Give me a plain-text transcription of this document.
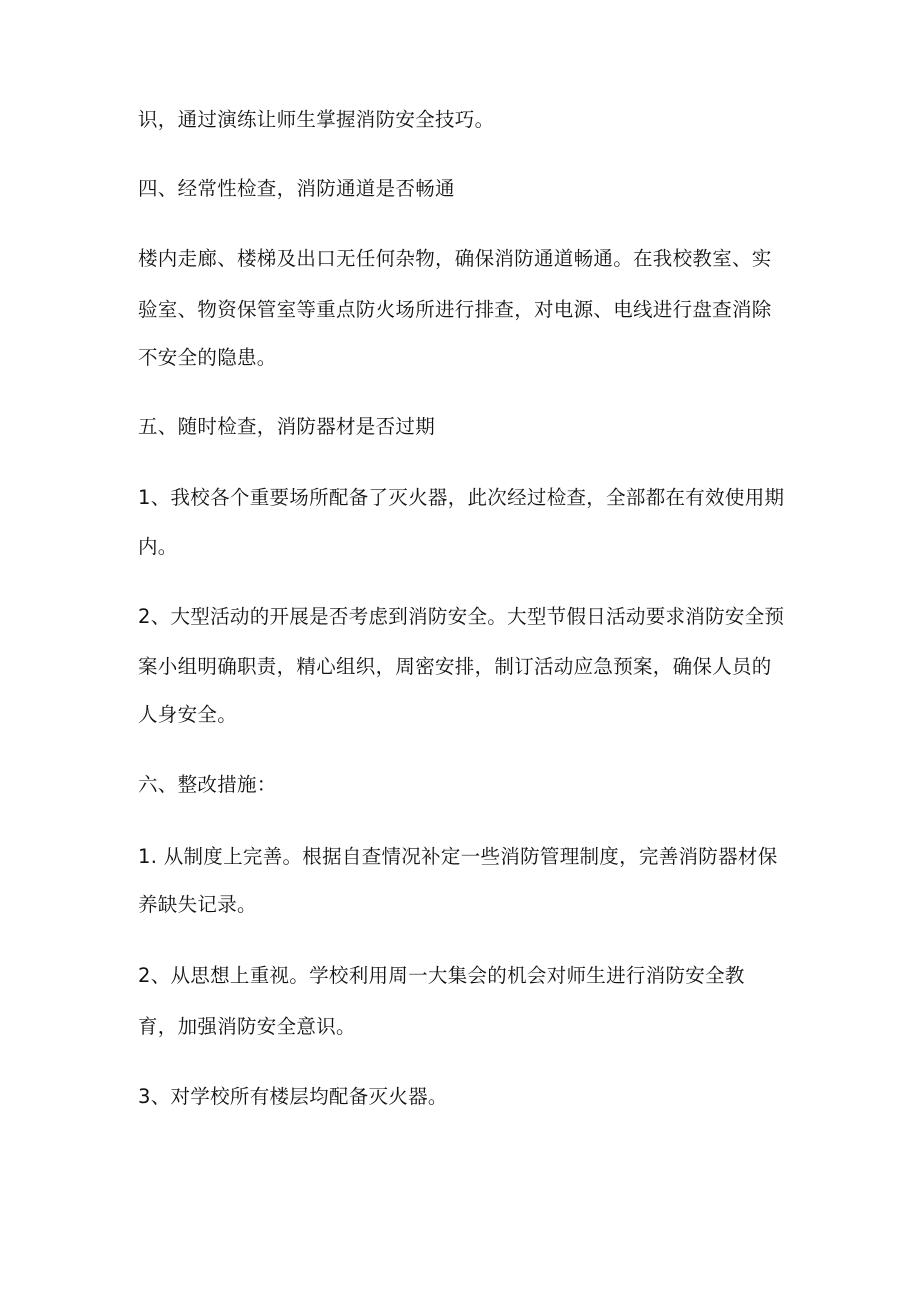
识，通过演练让师生掌握消防安全技巧。
四、经常性检查，消防通道是否畅通
楼内走廊、楼梯及出口无任何杂物，确保消防通道畅通。在我校教室、实
验室、物资保管室等重点防火场所进行排查，对电源、电线进行盘查消除
不安全的隐患。
五、随时检查，消防器材是否过期
1、我校各个重要场所配备了灭火器，此次经过检查，全部都在有效使用期
内。
2、大型活动的开展是否考虑到消防安全。大型节假日活动要求消防安全预
案小组明确职责，精心组织，周密安排，制订活动应急预案，确保人员的
人身安全。
六、整改措施：
1. 从制度上完善。根据自查情况补定一些消防管理制度，完善消防器材保
养缺失记录。
2、从思想上重视。学校利用周一大集会的机会对师生进行消防安全教
育，加强消防安全意识。
3、对学校所有楼层均配备灭火器。
